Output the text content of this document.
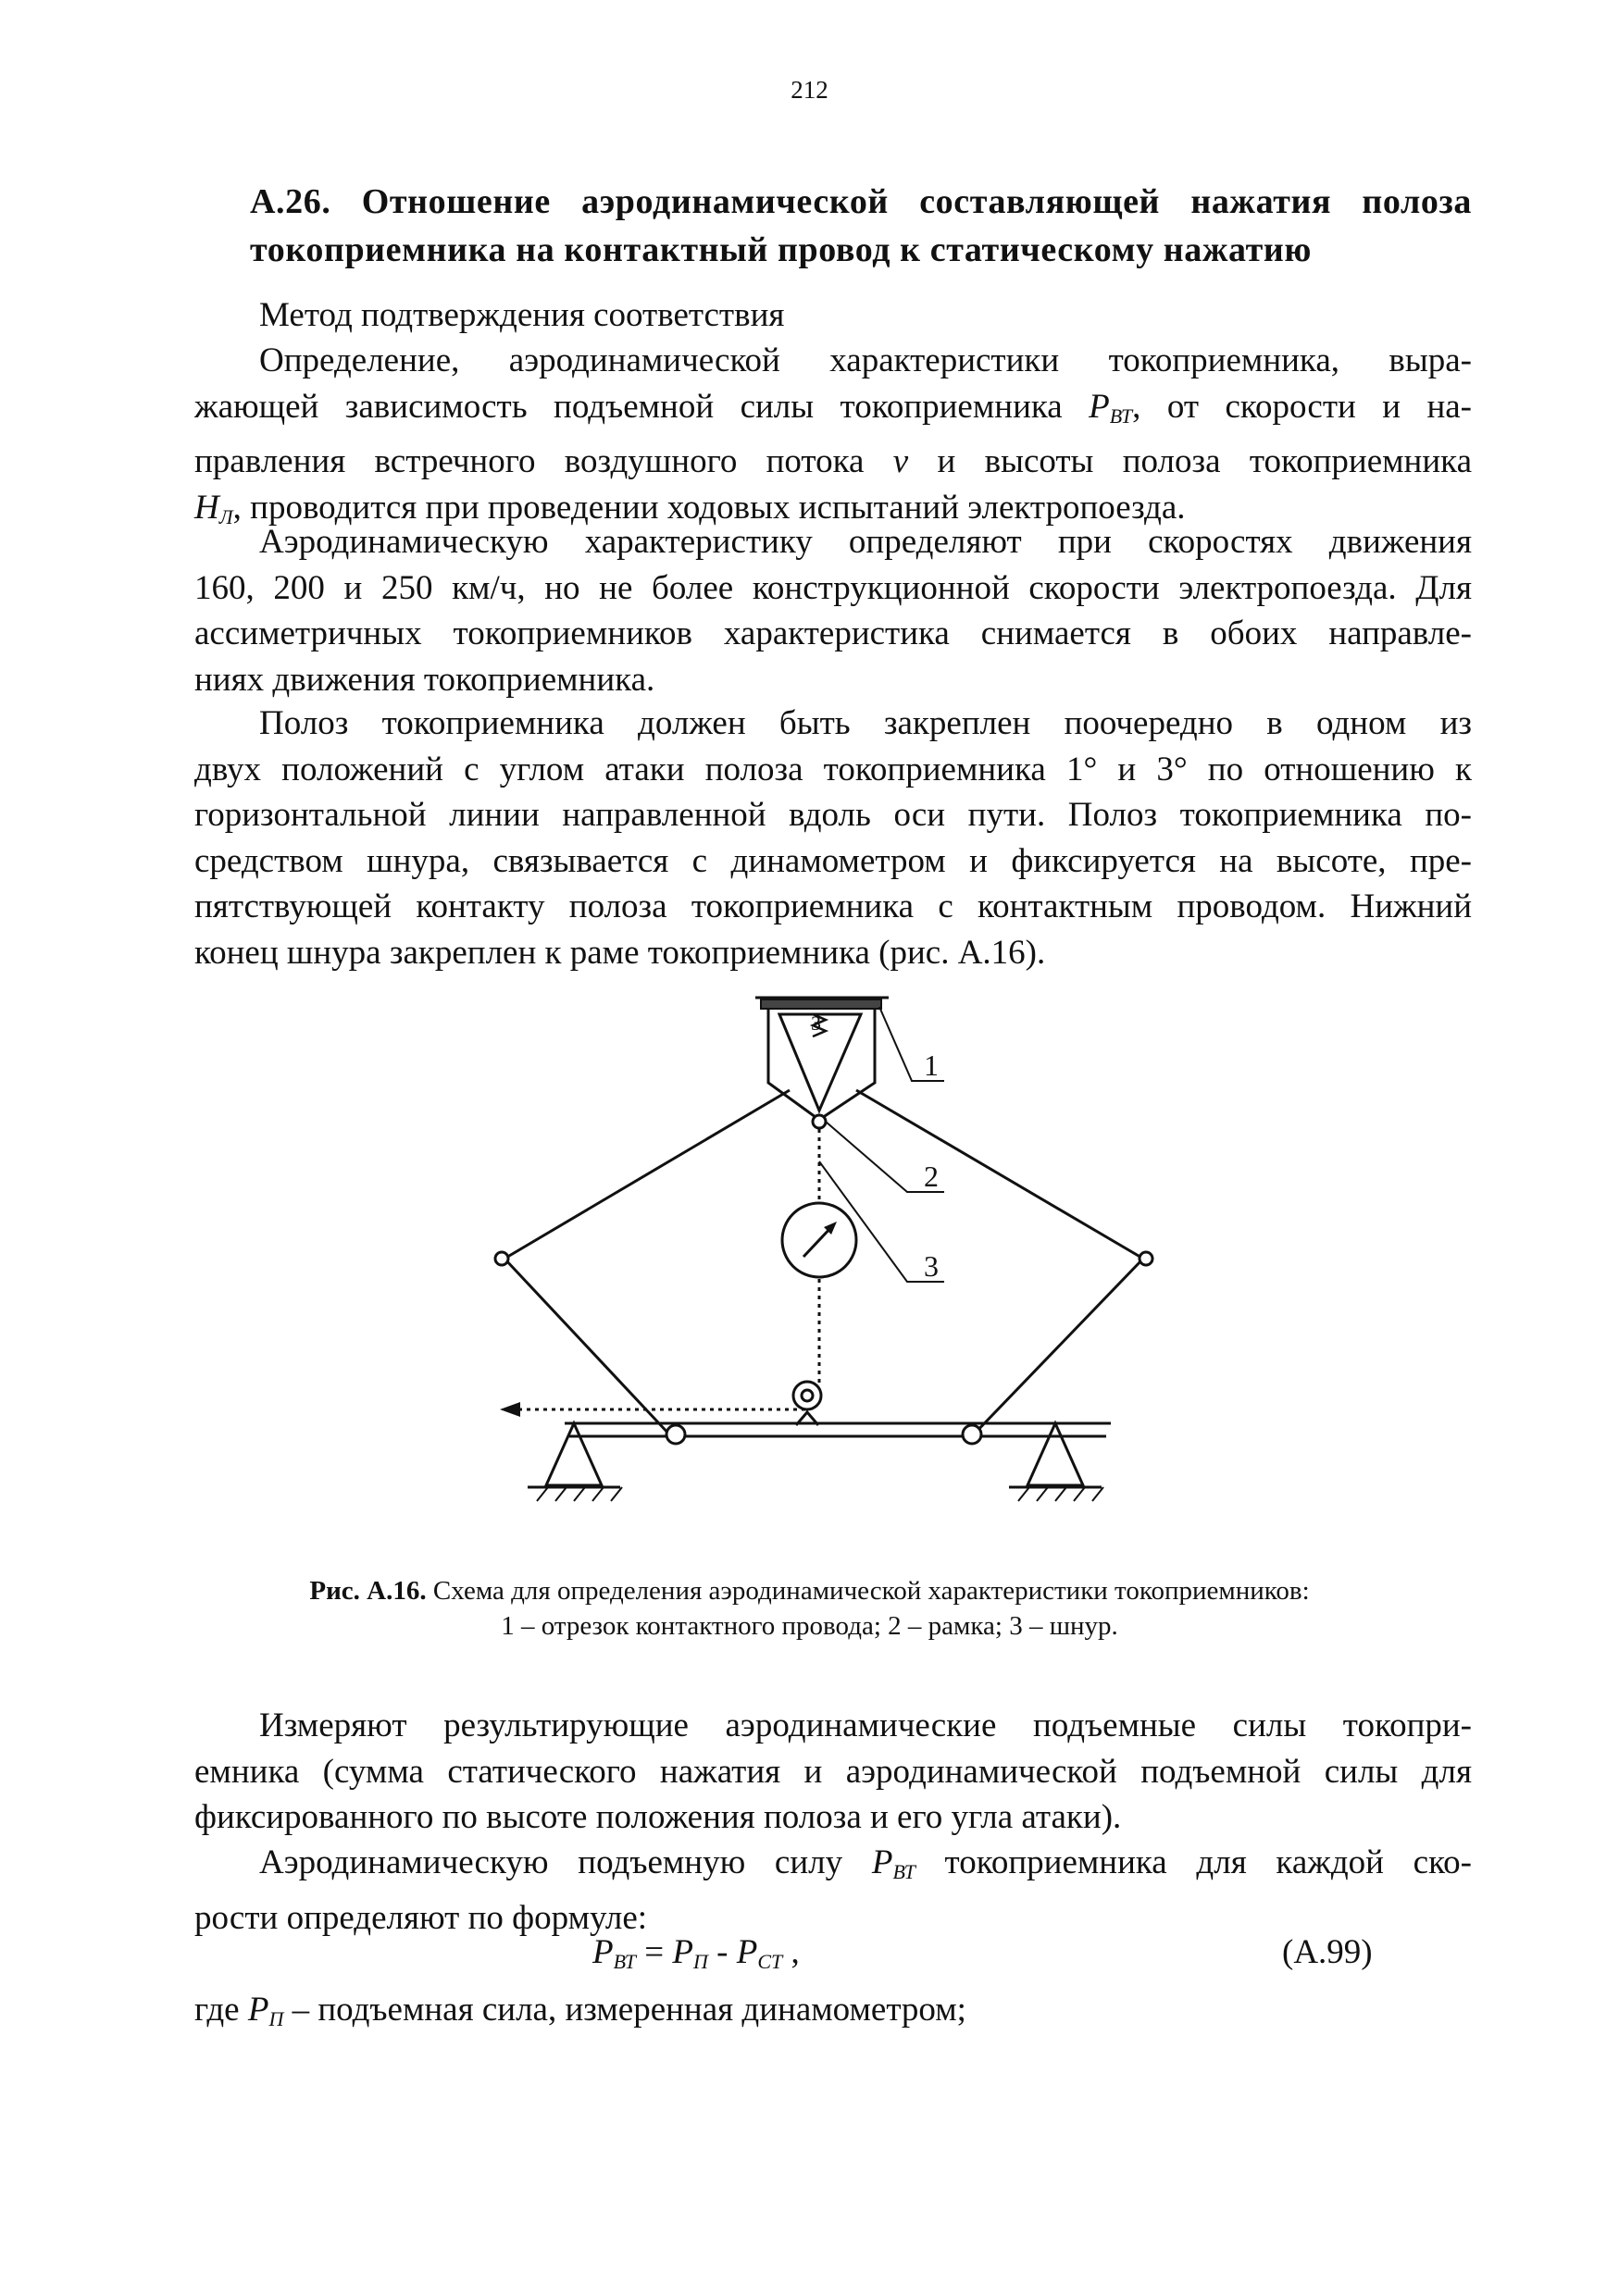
212
А.26. Отношение аэродинамической составляющей нажатия полоза
токоприемника на контактный провод к статическому нажатию
Метод подтверждения соответствия
Определение, аэродинамической характеристики токоприемника, выра-
жающей зависимость подъемной силы токоприемника $P_{ВТ}$, от скорости и на-
правления встречного воздушного потока v и высоты полоза токоприемника
$H_Л$, проводится при проведении ходовых испытаний электропоезда.
Аэродинамическую характеристику определяют при скоростях движения
160, 200 и 250 км/ч, но не более конструкционной скорости электропоезда. Для
ассиметричных токоприемников характеристика снимается в обоих направле-
ниях движения токоприемника.
Полоз токоприемника должен быть закреплен поочередно в одном из
двух положений с углом атаки полоза токоприемника 1° и 3° по отношению к
горизонтальной линии направленной вдоль оси пути. Полоз токоприемника по-
средством шнура, связывается с динамометром и фиксируется на высоте, пре-
пятствующей контакту полоза токоприемника с контактным проводом. Нижний
конец шнура закреплен к раме токоприемника (рис. А.16).
3
1
2
3
Рис. А.16. Схема для определения аэродинамической характеристики токоприемников:
1 – отрезок контактного провода; 2 – рамка; 3 – шнур.
Измеряют результирующие аэродинамические подъемные силы токопри-
емника (сумма статического нажатия и аэродинамической подъемной силы для
фиксированного по высоте положения полоза и его угла атаки).
Аэродинамическую подъемную силу $P_{ВТ}$ токоприемника для каждой ско-
рости определяют по формуле:
$P_{ВТ} = P_П - P_{СТ}$ ,	(А.99)
где $P_П$ – подъемная сила, измеренная динамометром;
